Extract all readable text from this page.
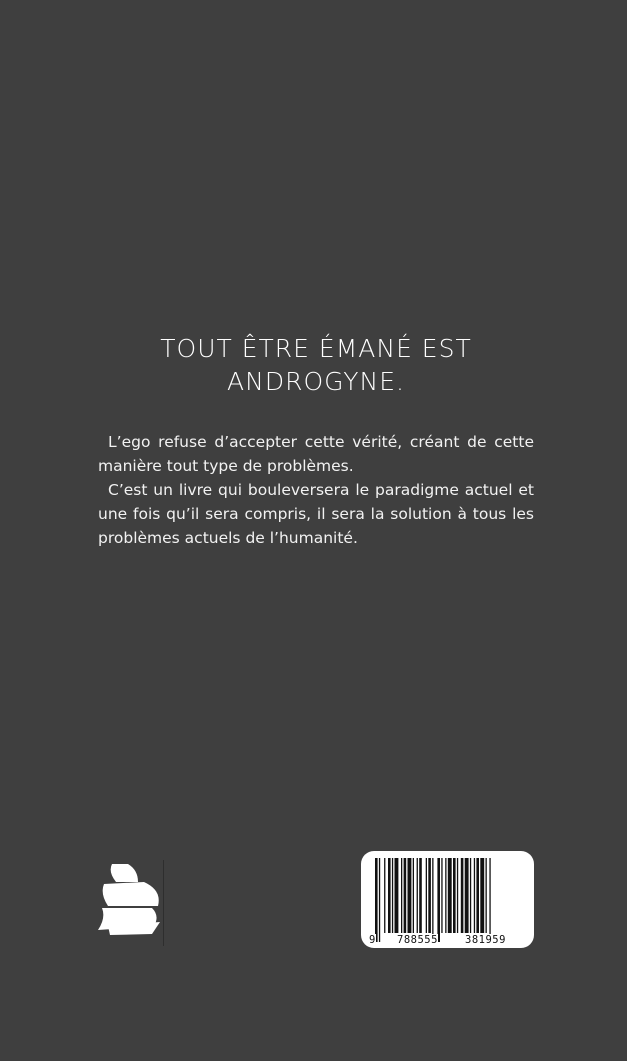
TOUT ÊTRE ÉMANÉ EST
ANDROGYNE.

L’ego refuse d’accepter cette vérité, créant de cette manière tout type de problèmes.

C’est un livre qui bouleversera le paradigme actuel et une fois qu’il sera compris, il sera la solution à tous les problèmes actuels de l’humanité.

9 788555	381959
